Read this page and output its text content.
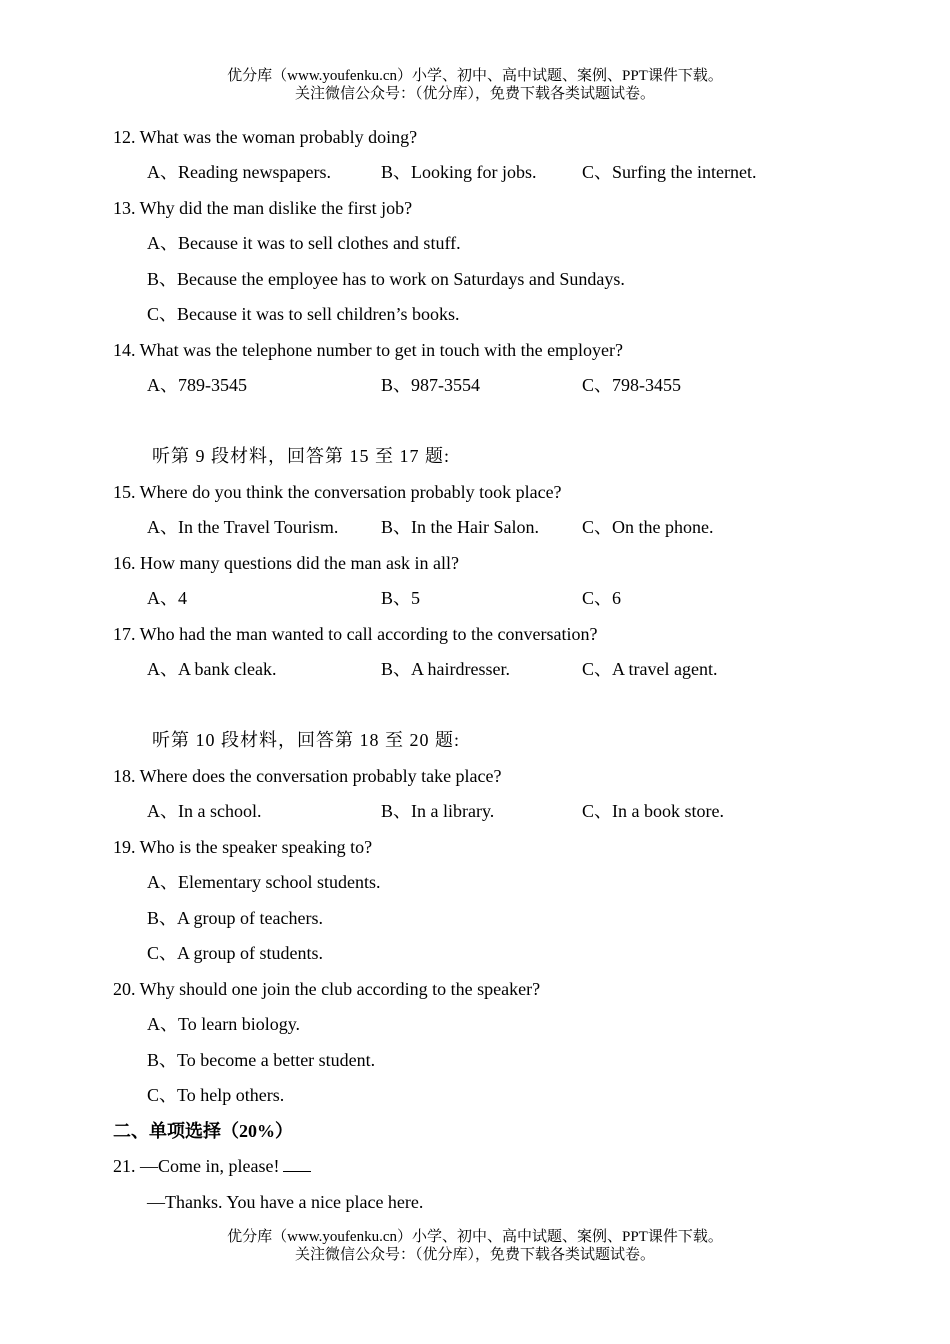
优分库（www.youfenku.cn）小学、初中、高中试题、案例、PPT课件下载。
关注微信公众号：（优分库），免费下载各类试题试卷。
12. What was the woman probably doing?
A、Reading newspapers.	B、Looking for jobs.	C、Surfing the internet.
13. Why did the man dislike the first job?
A、Because it was to sell clothes and stuff.
B、Because the employee has to work on Saturdays and Sundays.
C、Because it was to sell children’s books.
14. What was the telephone number to get in touch with the employer?
A、789-3545	B、987-3554	C、798-3455
听第 9 段材料，回答第 15 至 17 题:
15. Where do you think the conversation probably took place?
A、In the Travel Tourism. B、In the Hair Salon. C、On the phone.
16. How many questions did the man ask in all?
A、4	B、5	C、6
17. Who had the man wanted to call according to the conversation?
A、A bank cleak.	B、A hairdresser.	C、A travel agent.
听第 10 段材料，回答第 18 至 20 题:
18. Where does the conversation probably take place?
A、In a school.	B、In a library.	C、In a book store.
19. Who is the speaker speaking to?
A、Elementary school students.
B、A group of teachers.
C、A group of students.
20. Why should one join the club according to the speaker?
A、To learn biology.
B、To become a better student.
C、To help others.
二、单项选择（20%）
21. —Come in, please!
—Thanks. You have a nice place here.
优分库（www.youfenku.cn）小学、初中、高中试题、案例、PPT课件下载。
关注微信公众号：（优分库），免费下载各类试题试卷。
